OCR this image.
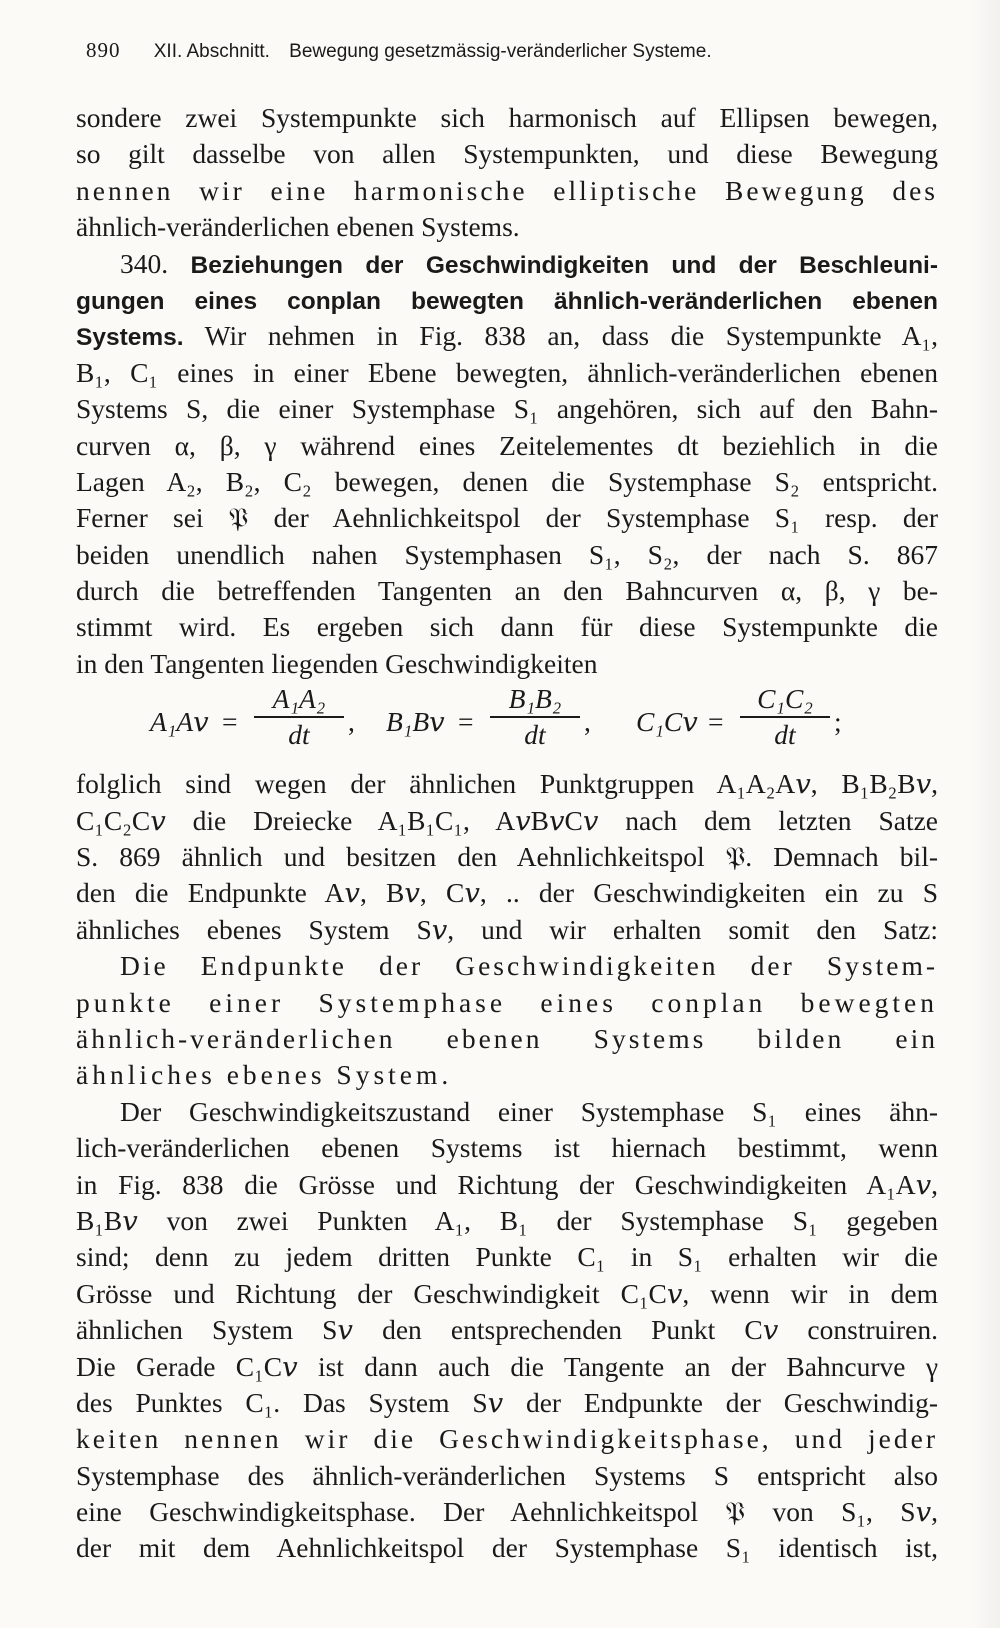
890 XII. Abschnitt. Bewegung gesetzmässig-veränderlicher Systeme.
sondere zwei Systempunkte sich harmonisch auf Ellipsen bewegen,
so gilt dasselbe von allen Systempunkten, und diese Bewegung
nennen wir eine harmonische elliptische Bewegung des
ähnlich-veränderlichen ebenen Systems.
340. Beziehungen der Geschwindigkeiten und der Beschleuni-
gungen eines conplan bewegten ähnlich-veränderlichen ebenen
Systems. Wir nehmen in Fig. 838 an, dass die Systempunkte A₁,
B₁, C₁ eines in einer Ebene bewegten, ähnlich-veränderlichen ebenen
Systems S, die einer Systemphase S₁ angehören, sich auf den Bahn-
curven α, β, γ während eines Zeitelementes dt beziehlich in die
Lagen A₂, B₂, C₂ bewegen, denen die Systemphase S₂ entspricht.
Ferner sei 𝔓 der Aehnlichkeitspol der Systemphase S₁ resp. der
beiden unendlich nahen Systemphasen S₁, S₂, der nach S. 867
durch die betreffenden Tangenten an den Bahncurven α, β, γ be-
stimmt wird. Es ergeben sich dann für diese Systempunkte die
in den Tangenten liegenden Geschwindigkeiten
A₁A𝑣 = $\frac{\text{A₁A₂}}{dt}$ , B₁B𝑣 = $\frac{\text{B₁B₂}}{dt}$ , C₁C𝑣 = $\frac{\text{C₁C₂}}{dt}$ ;
folglich sind wegen der ähnlichen Punktgruppen A₁A₂A𝑣, B₁B₂B𝑣,
C₁C₂C𝑣 die Dreiecke A₁B₁C₁, A𝑣B𝑣C𝑣 nach dem letzten Satze
S. 869 ähnlich und besitzen den Aehnlichkeitspol 𝔓. Demnach bil-
den die Endpunkte A𝑣, B𝑣, C𝑣, .. der Geschwindigkeiten ein zu S
ähnliches ebenes System S𝑣, und wir erhalten somit den Satz:
Die Endpunkte der Geschwindigkeiten der System-
punkte einer Systemphase eines conplan bewegten
ähnlich-veränderlichen ebenen Systems bilden ein
ähnliches ebenes System.
Der Geschwindigkeitszustand einer Systemphase S₁ eines ähn-
lich-veränderlichen ebenen Systems ist hiernach bestimmt, wenn
in Fig. 838 die Grösse und Richtung der Geschwindigkeiten A₁A𝑣,
B₁B𝑣 von zwei Punkten A₁, B₁ der Systemphase S₁ gegeben
sind; denn zu jedem dritten Punkte C₁ in S₁ erhalten wir die
Grösse und Richtung der Geschwindigkeit C₁C𝑣, wenn wir in dem
ähnlichen System S𝑣 den entsprechenden Punkt C𝑣 construiren.
Die Gerade C₁C𝑣 ist dann auch die Tangente an der Bahncurve γ
des Punktes C₁. Das System S𝑣 der Endpunkte der Geschwindig-
keiten nennen wir die Geschwindigkeitsphase, und jeder
Systemphase des ähnlich-veränderlichen Systems S entspricht also
eine Geschwindigkeitsphase. Der Aehnlichkeitspol 𝔓 von S₁, S𝑣,
der mit dem Aehnlichkeitspol der Systemphase S₁ identisch ist,
